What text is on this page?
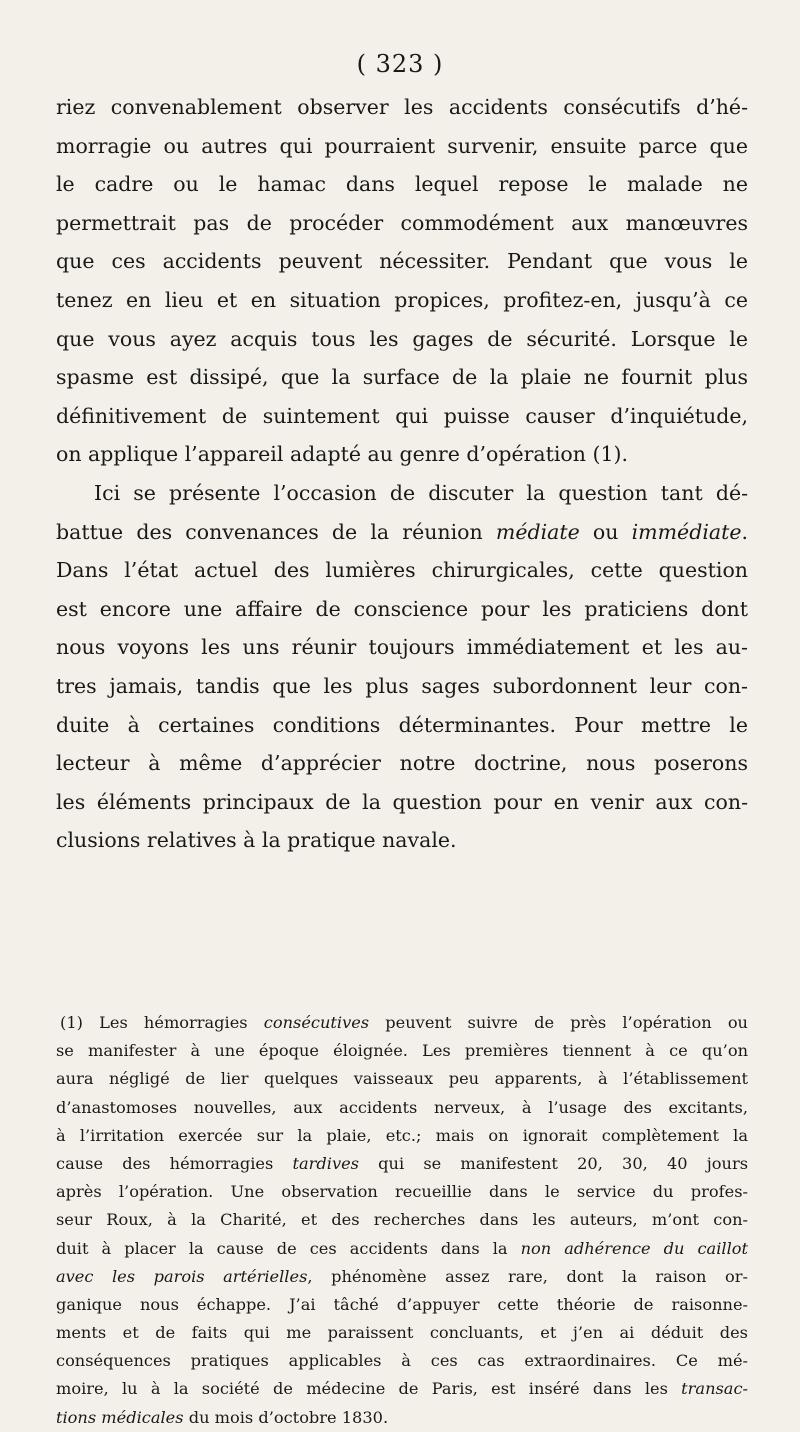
( 323 )
riez convenablement observer les accidents consécutifs d’hé-
morragie ou autres qui pourraient survenir, ensuite parce que
le cadre ou le hamac dans lequel repose le malade ne
permettrait pas de procéder commodément aux manœuvres
que ces accidents peuvent nécessiter. Pendant que vous le
tenez en lieu et en situation propices, profitez-en, jusqu’à ce
que vous ayez acquis tous les gages de sécurité. Lorsque le
spasme est dissipé, que la surface de la plaie ne fournit plus
définitivement de suintement qui puisse causer d’inquiétude,
on applique l’appareil adapté au genre d’opération (1).
Ici se présente l’occasion de discuter la question tant dé-
battue des convenances de la réunion médiate ou immédiate.
Dans l’état actuel des lumières chirurgicales, cette question
est encore une affaire de conscience pour les praticiens dont
nous voyons les uns réunir toujours immédiatement et les au-
tres jamais, tandis que les plus sages subordonnent leur con-
duite à certaines conditions déterminantes. Pour mettre le
lecteur à même d’apprécier notre doctrine, nous poserons
les éléments principaux de la question pour en venir aux con-
clusions relatives à la pratique navale.
(1) Les hémorragies consécutives peuvent suivre de près l’opération ou
se manifester à une époque éloignée. Les premières tiennent à ce qu’on
aura négligé de lier quelques vaisseaux peu apparents, à l’établissement
d’anastomoses nouvelles, aux accidents nerveux, à l’usage des excitants,
à l’irritation exercée sur la plaie, etc.; mais on ignorait complètement la
cause des hémorragies tardives qui se manifestent 20, 30, 40 jours
après l’opération. Une observation recueillie dans le service du profes-
seur Roux, à la Charité, et des recherches dans les auteurs, m’ont con-
duit à placer la cause de ces accidents dans la non adhérence du caillot
avec les parois artérielles, phénomène assez rare, dont la raison or-
ganique nous échappe. J’ai tâché d’appuyer cette théorie de raisonne-
ments et de faits qui me paraissent concluants, et j’en ai déduit des
conséquences pratiques applicables à ces cas extraordinaires. Ce mé-
moire, lu à la société de médecine de Paris, est inséré dans les transac-
tions médicales du mois d’octobre 1830.
